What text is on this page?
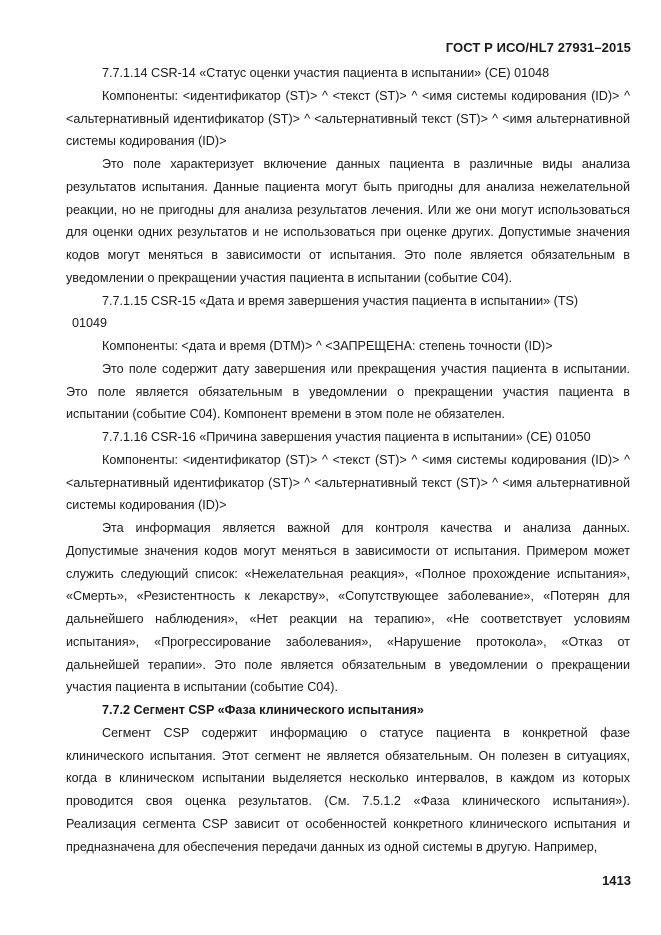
ГОСТ Р ИСО/HL7 27931–2015

7.7.1.14 CSR-14 «Статус оценки участия пациента в испытании» (CE) 01048

Компоненты: <идентификатор (ST)> ^ <текст (ST)> ^ <имя системы кодирования (ID)> ^ <альтернативный идентификатор (ST)> ^ <альтернативный текст (ST)> ^ <имя альтернативной системы кодирования (ID)>

Это поле характеризует включение данных пациента в различные виды анализа результатов испытания. Данные пациента могут быть пригодны для анализа нежелательной реакции, но не пригодны для анализа результатов лечения. Или же они могут использоваться для оценки одних результатов и не использоваться при оценке других. Допустимые значения кодов могут меняться в зависимости от испытания. Это поле является обязательным в уведомлении о прекращении участия пациента в испытании (событие C04).

7.7.1.15 CSR-15 «Дата и время завершения участия пациента в испытании» (TS)

01049

Компоненты: <дата и время (DTM)> ^ <ЗАПРЕЩЕНА: степень точности (ID)>

Это поле содержит дату завершения или прекращения участия пациента в испытании. Это поле является обязательным в уведомлении о прекращении участия пациента в испытании (событие C04). Компонент времени в этом поле не обязателен.

7.7.1.16 CSR-16 «Причина завершения участия пациента в испытании» (CE) 01050

Компоненты: <идентификатор (ST)> ^ <текст (ST)> ^ <имя системы кодирования (ID)> ^ <альтернативный идентификатор (ST)> ^ <альтернативный текст (ST)> ^ <имя альтернативной системы кодирования (ID)>

Эта информация является важной для контроля качества и анализа данных. Допустимые значения кодов могут меняться в зависимости от испытания. Примером может служить следующий список: «Нежелательная реакция», «Полное прохождение испытания», «Смерть», «Резистентность к лекарству», «Сопутствующее заболевание», «Потерян для дальнейшего наблюдения», «Нет реакции на терапию», «Не соответствует условиям испытания», «Прогрессирование заболевания», «Нарушение протокола», «Отказ от дальнейшей терапии». Это поле является обязательным в уведомлении о прекращении участия пациента в испытании (событие C04).

7.7.2 Сегмент CSP «Фаза клинического испытания»

Сегмент CSP содержит информацию о статусе пациента в конкретной фазе клинического испытания. Этот сегмент не является обязательным. Он полезен в ситуациях, когда в клиническом испытании выделяется несколько интервалов, в каждом из которых проводится своя оценка результатов. (См. 7.5.1.2 «Фаза клинического испытания»). Реализация сегмента CSP зависит от особенностей конкретного клинического испытания и предназначена для обеспечения передачи данных из одной системы в другую. Например,

1413
